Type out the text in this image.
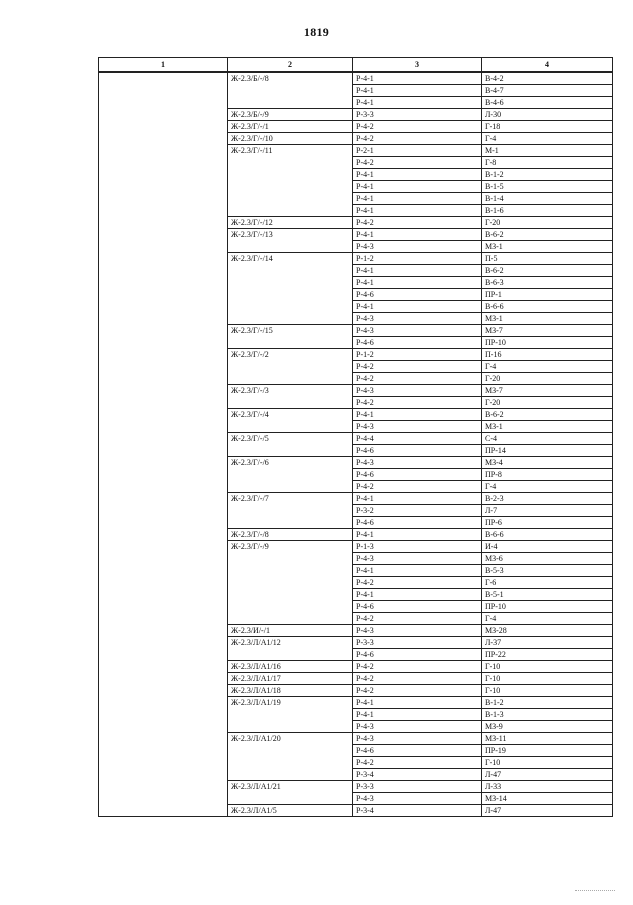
1819
1	2	3	4
	Ж-2.3/Б/-/8	Р-4-1	В-4-2
		Р-4-1	В-4-7
		Р-4-1	В-4-6
	Ж-2.3/Б/-/9	Р-3-3	Л-30
	Ж-2.3/Г/-/1	Р-4-2	Г-18
	Ж-2.3/Г/-/10	Р-4-2	Г-4
	Ж-2.3/Г/-/11	Р-2-1	М-1
		Р-4-2	Г-8
		Р-4-1	В-1-2
		Р-4-1	В-1-5
		Р-4-1	В-1-4
		Р-4-1	В-1-6
	Ж-2.3/Г/-/12	Р-4-2	Г-20
	Ж-2.3/Г/-/13	Р-4-1	В-6-2
		Р-4-3	МЗ-1
	Ж-2.3/Г/-/14	Р-1-2	П-5
		Р-4-1	В-6-2
		Р-4-1	В-6-3
		Р-4-6	ПР-1
		Р-4-1	В-6-6
		Р-4-3	МЗ-1
	Ж-2.3/Г/-/15	Р-4-3	МЗ-7
		Р-4-6	ПР-10
	Ж-2.3/Г/-/2	Р-1-2	П-16
		Р-4-2	Г-4
		Р-4-2	Г-20
	Ж-2.3/Г/-/3	Р-4-3	МЗ-7
		Р-4-2	Г-20
	Ж-2.3/Г/-/4	Р-4-1	В-6-2
		Р-4-3	МЗ-1
	Ж-2.3/Г/-/5	Р-4-4	С-4
		Р-4-6	ПР-14
	Ж-2.3/Г/-/6	Р-4-3	МЗ-4
		Р-4-6	ПР-8
		Р-4-2	Г-4
	Ж-2.3/Г/-/7	Р-4-1	В-2-3
		Р-3-2	Л-7
		Р-4-6	ПР-6
	Ж-2.3/Г/-/8	Р-4-1	В-6-6
	Ж-2.3/Г/-/9	Р-1-3	И-4
		Р-4-3	МЗ-6
		Р-4-1	В-5-3
		Р-4-2	Г-6
		Р-4-1	В-5-1
		Р-4-6	ПР-10
		Р-4-2	Г-4
	Ж-2.3/И/-/1	Р-4-3	МЗ-28
	Ж-2.3/Л/А1/12	Р-3-3	Л-37
		Р-4-6	ПР-22
	Ж-2.3/Л/А1/16	Р-4-2	Г-10
	Ж-2.3/Л/А1/17	Р-4-2	Г-10
	Ж-2.3/Л/А1/18	Р-4-2	Г-10
	Ж-2.3/Л/А1/19	Р-4-1	В-1-2
		Р-4-1	В-1-3
		Р-4-3	МЗ-9
	Ж-2.3/Л/А1/20	Р-4-3	МЗ-11
		Р-4-6	ПР-19
		Р-4-2	Г-10
		Р-3-4	Л-47
	Ж-2.3/Л/А1/21	Р-3-3	Л-33
		Р-4-3	МЗ-14
	Ж-2.3/Л/А1/5	Р-3-4	Л-47
